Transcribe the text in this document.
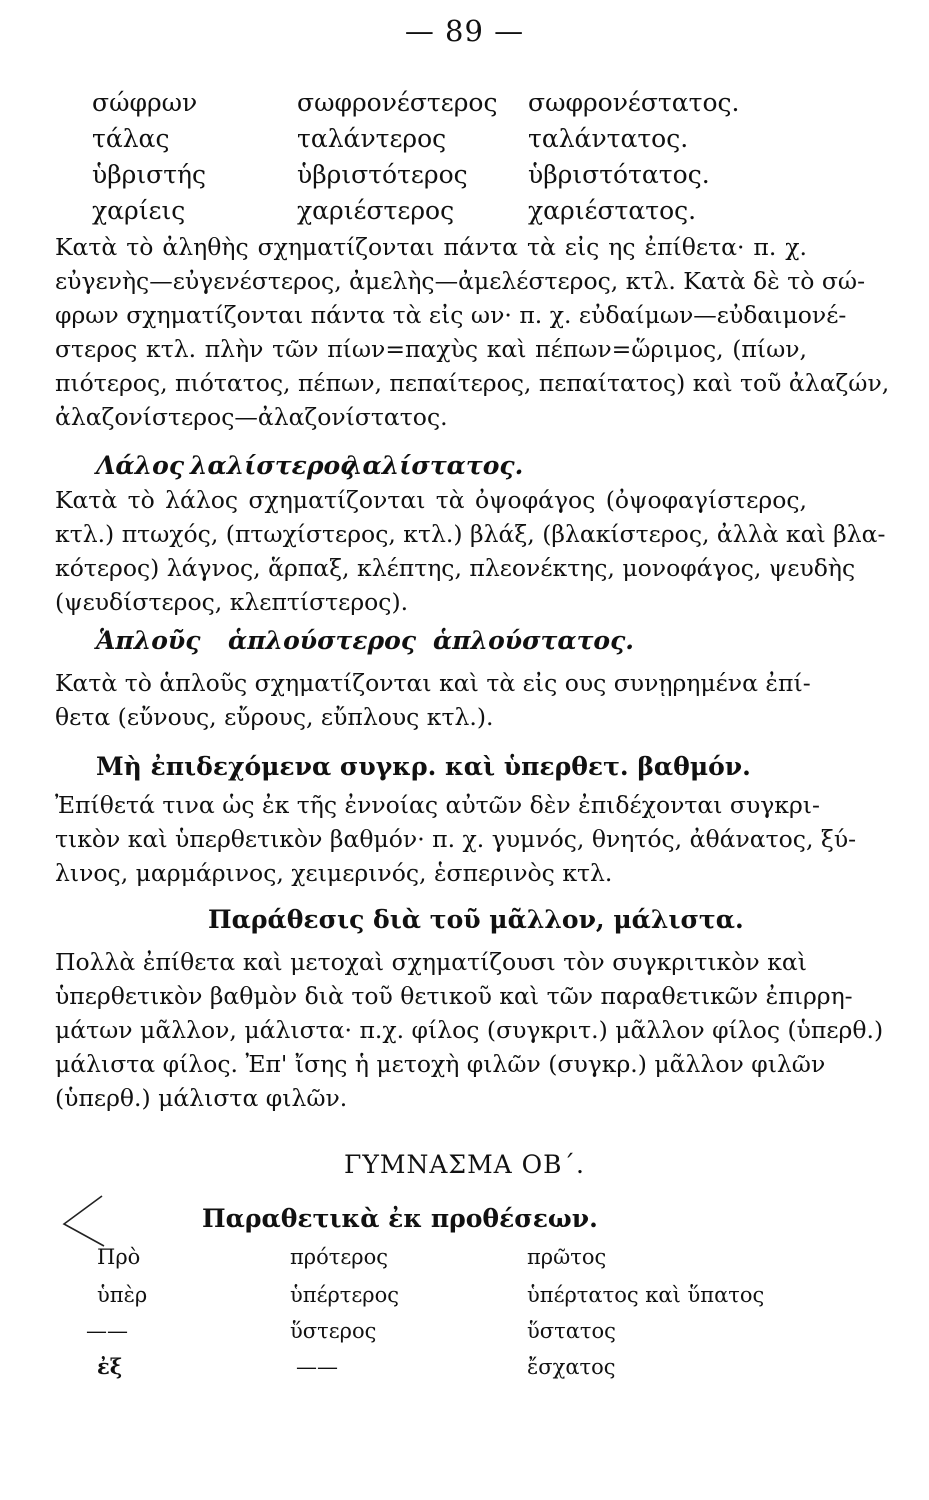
— 89 —
σώφρων	σωφρονέστερος σωφρονέστατος.
τάλας	ταλάντερος	ταλάντατος.
ὑβριστής	ὑβριστότερος ὑβριστότατος.
χαρίεις	χαριέστερος	χαριέστατος.
Κατὰ τὸ ἀληθὴς σχηματίζονται πάντα τὰ εἰς ης ἐπίθετα· π. χ.
εὐγενὴς—εὐγενέστερος, ἀμελὴς—ἀμελέστερος, κτλ. Κατὰ δὲ τὸ σώ-
φρων σχηματίζονται πάντα τὰ εἰς ων· π. χ. εὐδαίμων—εὐδαιμονέ-
στερος κτλ. πλὴν τῶν πίων=παχὺς καὶ πέπων=ὥριμος, (πίων,
πιότερος, πιότατος, πέπων, πεπαίτερος, πεπαίτατος) καὶ τοῦ ἀλαζών,
ἀλαζονίστερος—ἀλαζονίστατος.
Λάλος λαλίστερος
λαλίστατος.
Κατὰ τὸ λάλος σχηματίζονται τὰ ὀψοφάγος (ὀψοφαγίστερος,
κτλ.) πτωχός, (πτωχίστερος, κτλ.) βλάξ, (βλακίστερος, ἀλλὰ καὶ βλα-
κότερος) λάγνος, ἅρπαξ, κλέπτης, πλεονέκτης, μονοφάγος, ψευδὴς
(ψευδίστερος, κλεπτίστερος).
Ἁπλοῦς ἁπλούστερος ἁπλούστατος.
Κατὰ τὸ ἁπλοῦς σχηματίζονται καὶ τὰ εἰς ους συνῃρημένα ἐπί-
θετα (εὔνους, εὔρους, εὔπλους κτλ.).
Μὴ ἐπιδεχόμενα συγκρ. καὶ ὑπερθετ. βαθμόν.
Ἐπίθετά τινα ὡς ἐκ τῆς ἐννοίας αὐτῶν δὲν ἐπιδέχονται συγκρι-
τικὸν καὶ ὑπερθετικὸν βαθμόν· π. χ. γυμνός, θνητός, ἀθάνατος, ξύ-
λινος, μαρμάρινος, χειμερινός, ἑσπερινὸς κτλ.
Παράθεσις διὰ τοῦ μᾶλλον, μάλιστα.
Πολλὰ ἐπίθετα καὶ μετοχαὶ σχηματίζουσι τὸν συγκριτικὸν καὶ
ὑπερθετικὸν βαθμὸν διὰ τοῦ θετικοῦ καὶ τῶν παραθετικῶν ἐπιρρη-
μάτων μᾶλλον, μάλιστα· π.χ. φίλος (συγκριτ.) μᾶλλον φίλος (ὑπερθ.)
μάλιστα φίλος. Ἐπ' ἴσης ἡ μετοχὴ φιλῶν (συγκρ.) μᾶλλον φιλῶν
(ὑπερθ.) μάλιστα φιλῶν.
ΓΥΜΝΑΣΜΑ ΟΒ΄.
Παραθετικὰ ἐκ προθέσεων.
Πρὸ	πρότερος	πρῶτος
ὑπὲρ	ὑπέρτερος	ὑπέρτατος καὶ ὕπατος
——	ὕστερος	ὕστατος
ἐξ	——	ἔσχατος
